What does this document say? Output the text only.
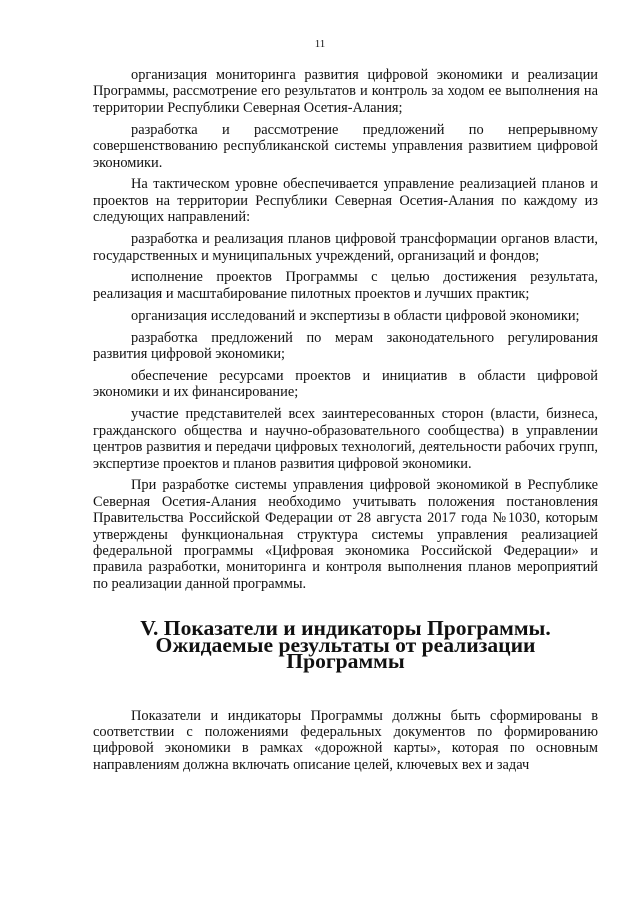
11

организация мониторинга развития цифровой экономики и реализации Программы, рассмотрение его результатов и контроль за ходом ее выполнения на территории Республики Северная Осетия-Алания;

разработка и рассмотрение предложений по непрерывному совершенствованию республиканской системы управления развитием цифровой экономики.

На тактическом уровне обеспечивается управление реализацией планов и проектов на территории Республики Северная Осетия-Алания по каждому из следующих направлений:

разработка и реализация планов цифровой трансформации органов власти, государственных и муниципальных учреждений, организаций и фондов;

исполнение проектов Программы с целью достижения результата, реализация и масштабирование пилотных проектов и лучших практик;

организация исследований и экспертизы в области цифровой экономики;

разработка предложений по мерам законодательного регулирования развития цифровой экономики;

обеспечение ресурсами проектов и инициатив в области цифровой экономики и их финансирование;

участие представителей всех заинтересованных сторон (власти, бизнеса, гражданского общества и научно-образовательного сообщества) в управлении центров развития и передачи цифровых технологий, деятельности рабочих групп, экспертизе проектов и планов развития цифровой экономики.

При разработке системы управления цифровой экономикой в Республике Северная Осетия-Алания необходимо учитывать положения постановления Правительства Российской Федерации от 28 августа 2017 года №1030, которым утверждены функциональная структура системы управления реализацией федеральной программы «Цифровая экономика Российской Федерации» и правила разработки, мониторинга и контроля выполнения планов мероприятий по реализации данной программы.

V. Показатели и индикаторы Программы. Ожидаемые результаты от реализации Программы

Показатели и индикаторы Программы должны быть сформированы в соответствии с положениями федеральных документов по формированию цифровой экономики в рамках «дорожной карты», которая по основным направлениям должна включать описание целей, ключевых вех и задач
